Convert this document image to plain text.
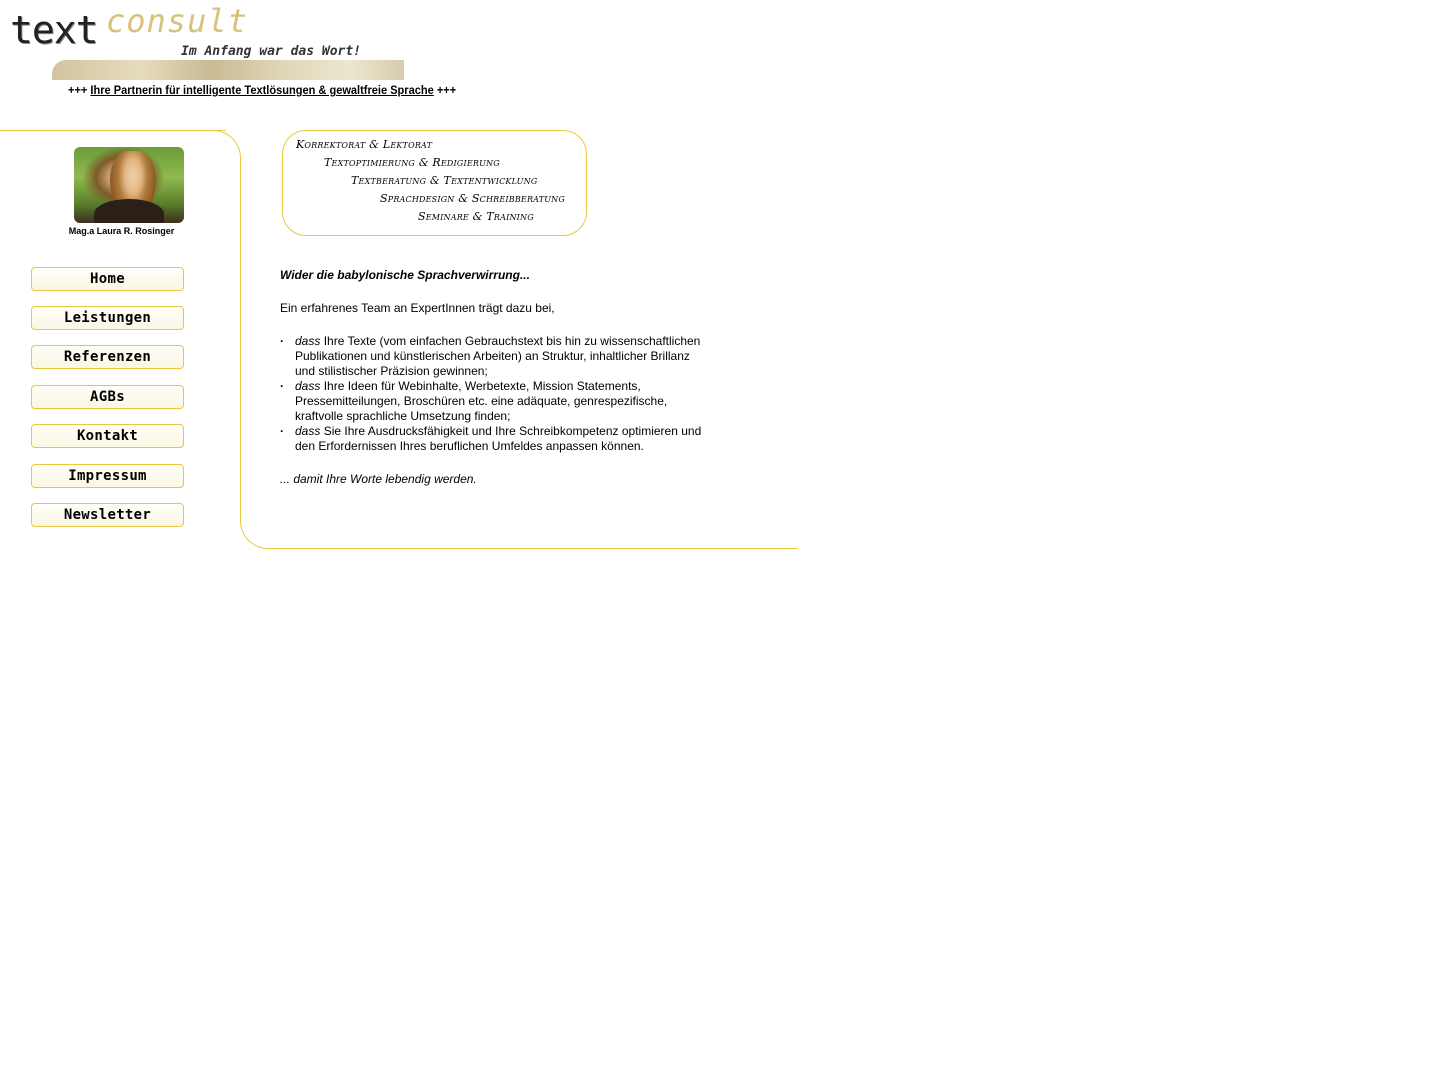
text consult
Im Anfang war das Wort!
+++ Ihre Partnerin für intelligente Textlösungen & gewaltfreie Sprache +++
Mag.a Laura R. Rosinger
Home
Leistungen
Referenzen
AGBs
Kontakt
Impressum
Newsletter
Korrektorat & Lektorat
Textoptimierung & Redigierung
Textberatung & Textentwicklung
Sprachdesign & Schreibberatung
Seminare & Training

Wider die babylonische Sprachverwirrung...

Ein erfahrenes Team an ExpertInnen trägt dazu bei,

· dass Ihre Texte (vom einfachen Gebrauchstext bis hin zu wissenschaftlichen Publikationen und künstlerischen Arbeiten) an Struktur, inhaltlicher Brillanz und stilistischer Präzision gewinnen;
· dass Ihre Ideen für Webinhalte, Werbetexte, Mission Statements, Pressemitteilungen, Broschüren etc. eine adäquate, genrespezifische, kraftvolle sprachliche Umsetzung finden;
· dass Sie Ihre Ausdrucksfähigkeit und Ihre Schreibkompetenz optimieren und den Erfordernissen Ihres beruflichen Umfeldes anpassen können.

... damit Ihre Worte lebendig werden.
